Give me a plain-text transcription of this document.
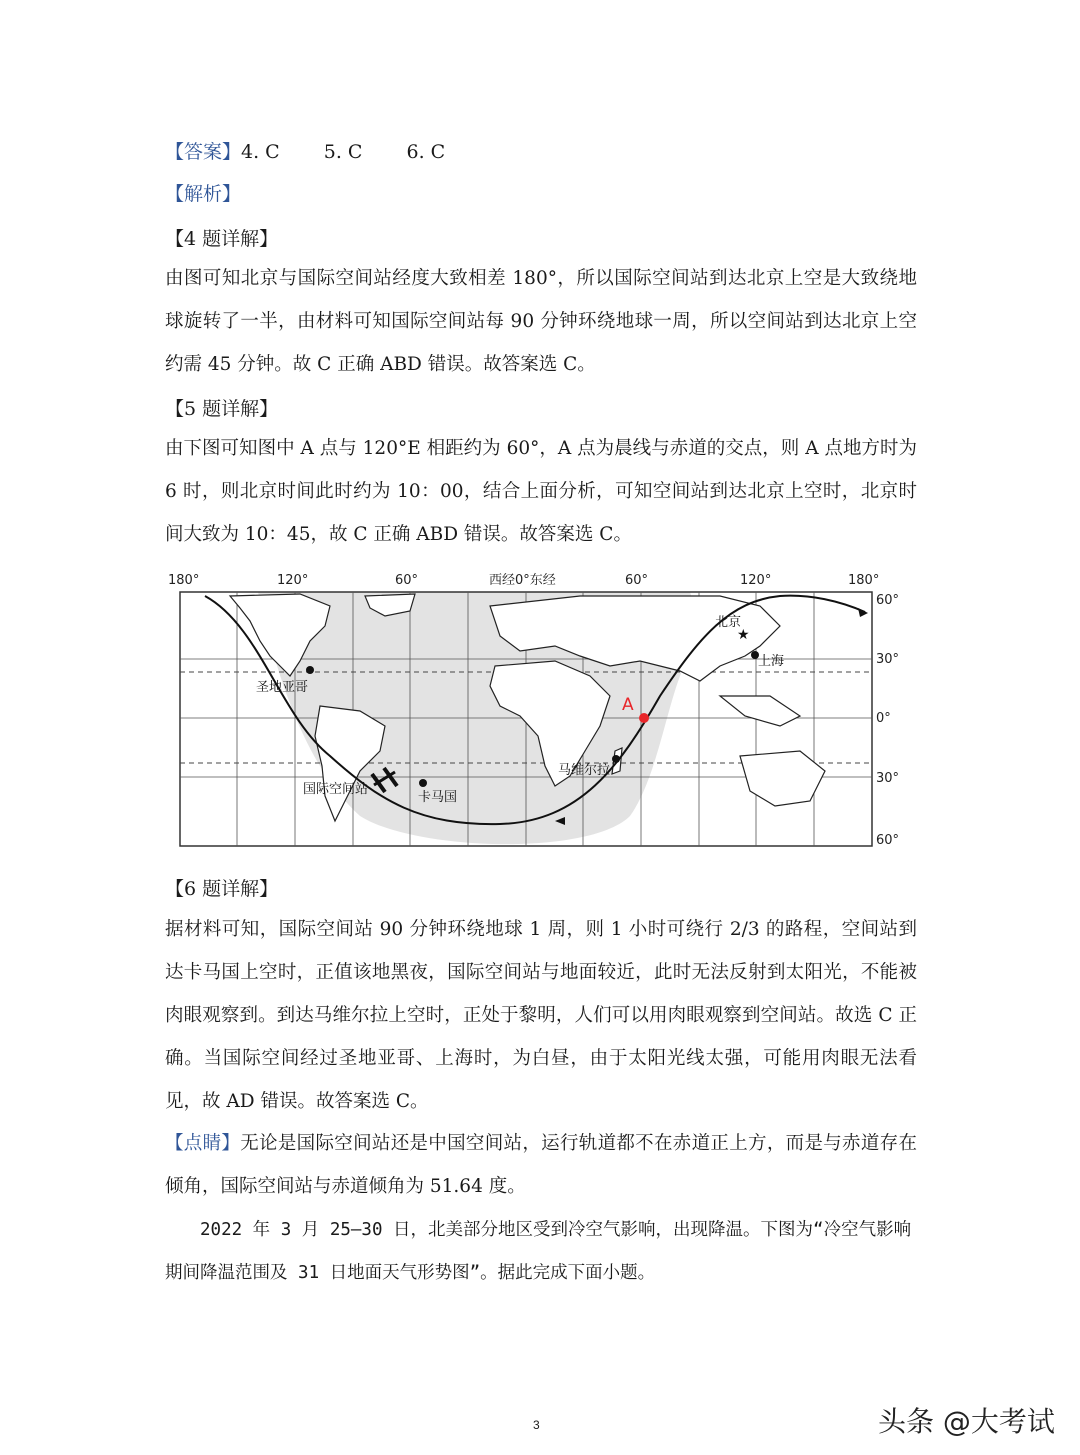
【答案】4. C　　 5. C　　 6. C
【解析】
【4 题详解】
由图可知北京与国际空间站经度大致相差 180°，所以国际空间站到达北京上空是大致绕地球旋转了一半，由材料可知国际空间站每 90 分钟环绕地球一周，所以空间站到达北京上空约需 45 分钟。故 C 正确 ABD 错误。故答案选 C。
【5 题详解】
由下图可知图中 A 点与 120°E 相距约为 60°，A 点为晨线与赤道的交点，则 A 点地方时为 6 时，则北京时间此时约为 10：00，结合上面分析，可知空间站到达北京上空时，北京时间大致为 10：45，故 C 正确 ABD 错误。故答案选 C。
★
A
北京
上海
圣地亚哥
卡马国
马维尔拉
国际空间站
180°	120°	60°	西经0°东经	60°	120°	180°
60°
30°
0°
30°
60°
【6 题详解】
据材料可知，国际空间站 90 分钟环绕地球 1 周，则 1 小时可绕行 2/3 的路程，空间站到达卡马国上空时，正值该地黑夜，国际空间站与地面较近，此时无法反射到太阳光，不能被肉眼观察到。到达马维尔拉上空时，正处于黎明，人们可以用肉眼观察到空间站。故选 C 正确。当国际空间经过圣地亚哥、上海时，为白昼，由于太阳光线太强，可能用肉眼无法看见，故 AD 错误。故答案选 C。
【点睛】无论是国际空间站还是中国空间站，运行轨道都不在赤道正上方，而是与赤道存在倾角，国际空间站与赤道倾角为 51.64 度。
　　2022 年 3 月 25—30 日，北美部分地区受到冷空气影响，出现降温。下图为“冷空气影响期间降温范围及 31 日地面天气形势图”。据此完成下面小题。
3	头条 @大考试
